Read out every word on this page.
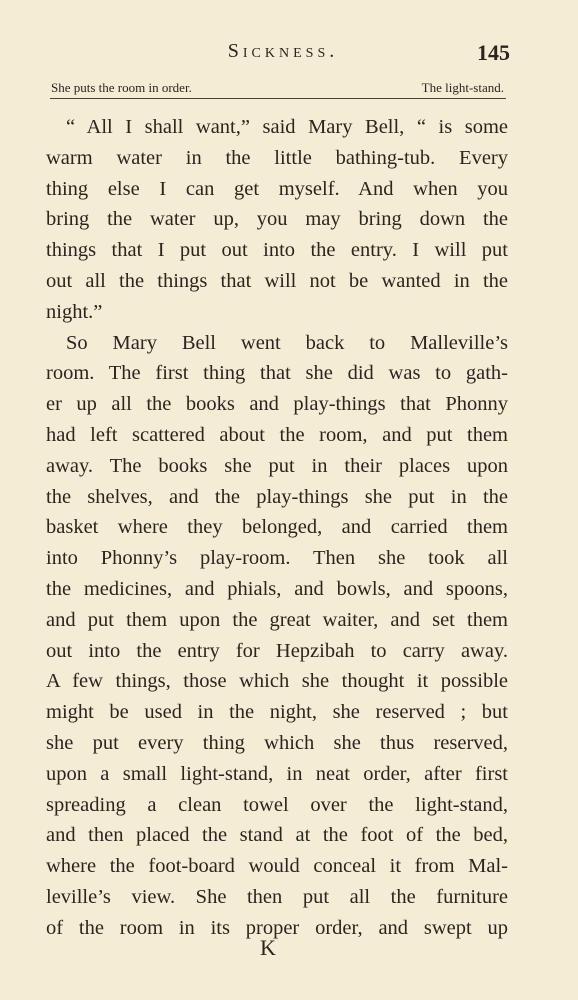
Sickness.	145
She puts the room in order.	The light-stand.
“ All I shall want,” said Mary Bell, “ is some
warm water in the little bathing-tub. Every
thing else I can get myself. And when you
bring the water up, you may bring down the
things that I put out into the entry. I will put
out all the things that will not be wanted in the
night.”
So Mary Bell went back to Malleville’s
room. The first thing that she did was to gath-
er up all the books and play-things that Phonny
had left scattered about the room, and put them
away. The books she put in their places upon
the shelves, and the play-things she put in the
basket where they belonged, and carried them
into Phonny’s play-room. Then she took all
the medicines, and phials, and bowls, and spoons,
and put them upon the great waiter, and set them
out into the entry for Hepzibah to carry away.
A few things, those which she thought it possible
might be used in the night, she reserved ; but
she put every thing which she thus reserved,
upon a small light-stand, in neat order, after first
spreading a clean towel over the light-stand,
and then placed the stand at the foot of the bed,
where the foot-board would conceal it from Mal-
leville’s view. She then put all the furniture
of the room in its proper order, and swept up
K
